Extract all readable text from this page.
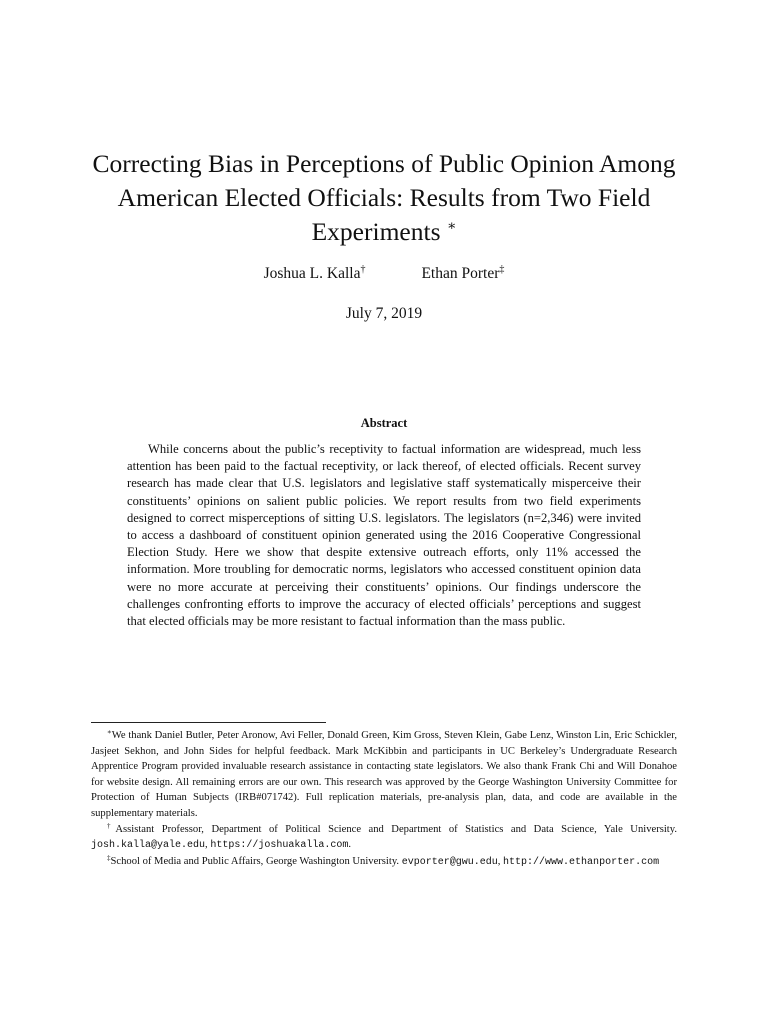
Correcting Bias in Perceptions of Public Opinion Among American Elected Officials: Results from Two Field Experiments ∗
Joshua L. Kalla†	Ethan Porter‡
July 7, 2019
Abstract

While concerns about the public’s receptivity to factual information are widespread, much less attention has been paid to the factual receptivity, or lack thereof, of elected officials. Recent survey research has made clear that U.S. legislators and legislative staff systematically misperceive their constituents’ opinions on salient public policies. We report results from two field experiments designed to correct misperceptions of sitting U.S. legislators. The legislators (n=2,346) were invited to access a dashboard of constituent opinion generated using the 2016 Cooperative Congressional Election Study. Here we show that despite extensive outreach efforts, only 11% accessed the information. More troubling for democratic norms, legislators who accessed constituent opinion data were no more accurate at perceiving their constituents’ opinions. Our findings underscore the challenges confronting efforts to improve the accuracy of elected officials’ perceptions and suggest that elected officials may be more resistant to factual information than the mass public.

∗We thank Daniel Butler, Peter Aronow, Avi Feller, Donald Green, Kim Gross, Steven Klein, Gabe Lenz, Winston Lin, Eric Schickler, Jasjeet Sekhon, and John Sides for helpful feedback. Mark McKibbin and participants in UC Berkeley’s Undergraduate Research Apprentice Program provided invaluable research assistance in contacting state legislators. We also thank Frank Chi and Will Donahoe for website design. All remaining errors are our own. This research was approved by the George Washington University Committee for Protection of Human Subjects (IRB#071742). Full replication materials, pre-analysis plan, data, and code are available in the supplementary materials.

†Assistant Professor, Department of Political Science and Department of Statistics and Data Science, Yale University. josh.kalla@yale.edu, https://joshuakalla.com.

‡School of Media and Public Affairs, George Washington University. evporter@gwu.edu, http://www.ethanporter.com
